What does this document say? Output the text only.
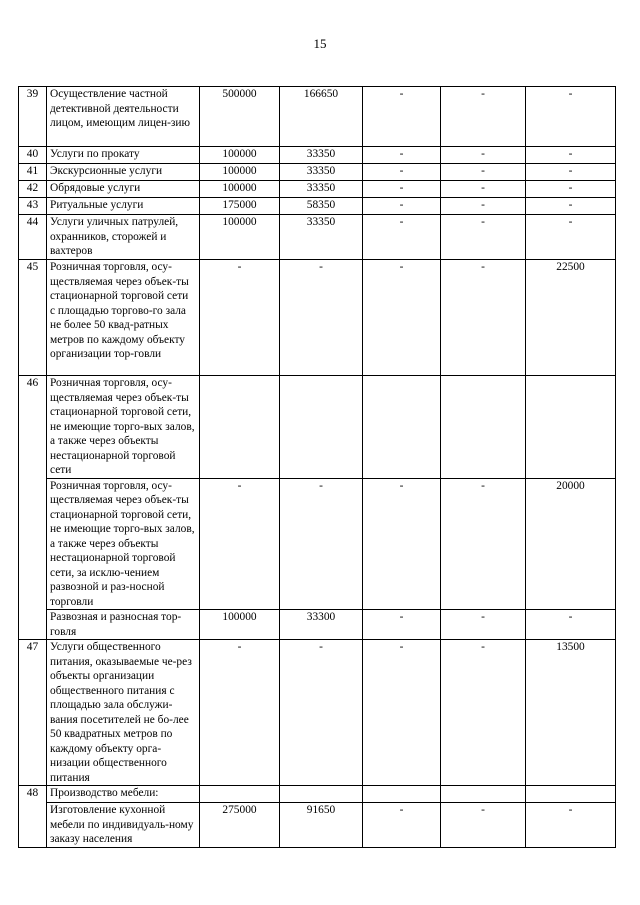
15
39	Осуществление частной детективной деятельности лицом, имеющим лицен-зию	500000	166650	-	-	-
40	Услуги по прокату	100000	33350	-	-	-
41	Экскурсионные услуги	100000	33350	-	-	-
42	Обрядовые услуги	100000	33350	-	-	-
43	Ритуальные услуги	175000	58350	-	-	-
44	Услуги уличных патрулей, охранников, сторожей и вахтеров	100000	33350	-	-	-
45	Розничная торговля, осу-ществляемая через объек-ты стационарной торговой сети с площадью торгово-го зала не более 50 квад-ратных метров по каждому объекту организации тор-говли	-	-	-	-	22500
46	Розничная торговля, осу-ществляемая через объек-ты стационарной торговой сети, не имеющие торго-вых залов, а также через объекты нестационарной торговой сети					
	Розничная торговля, осу-ществляемая через объек-ты стационарной торговой сети, не имеющие торго-вых залов, а также через объекты нестационарной торговой сети, за исклю-чением развозной и раз-носной торговли	-	-	-	-	20000
	Развозная и разносная тор-говля	100000	33300	-	-	-
47	Услуги общественного питания, оказываемые че-рез объекты организации общественного питания с площадью зала обслужи-вания посетителей не бо-лее 50 квадратных метров по каждому объекту орга-низации общественного питания	-	-	-	-	13500
48	Производство мебели:					
	Изготовление кухонной мебели по индивидуаль-ному заказу населения	275000	91650	-	-	-
